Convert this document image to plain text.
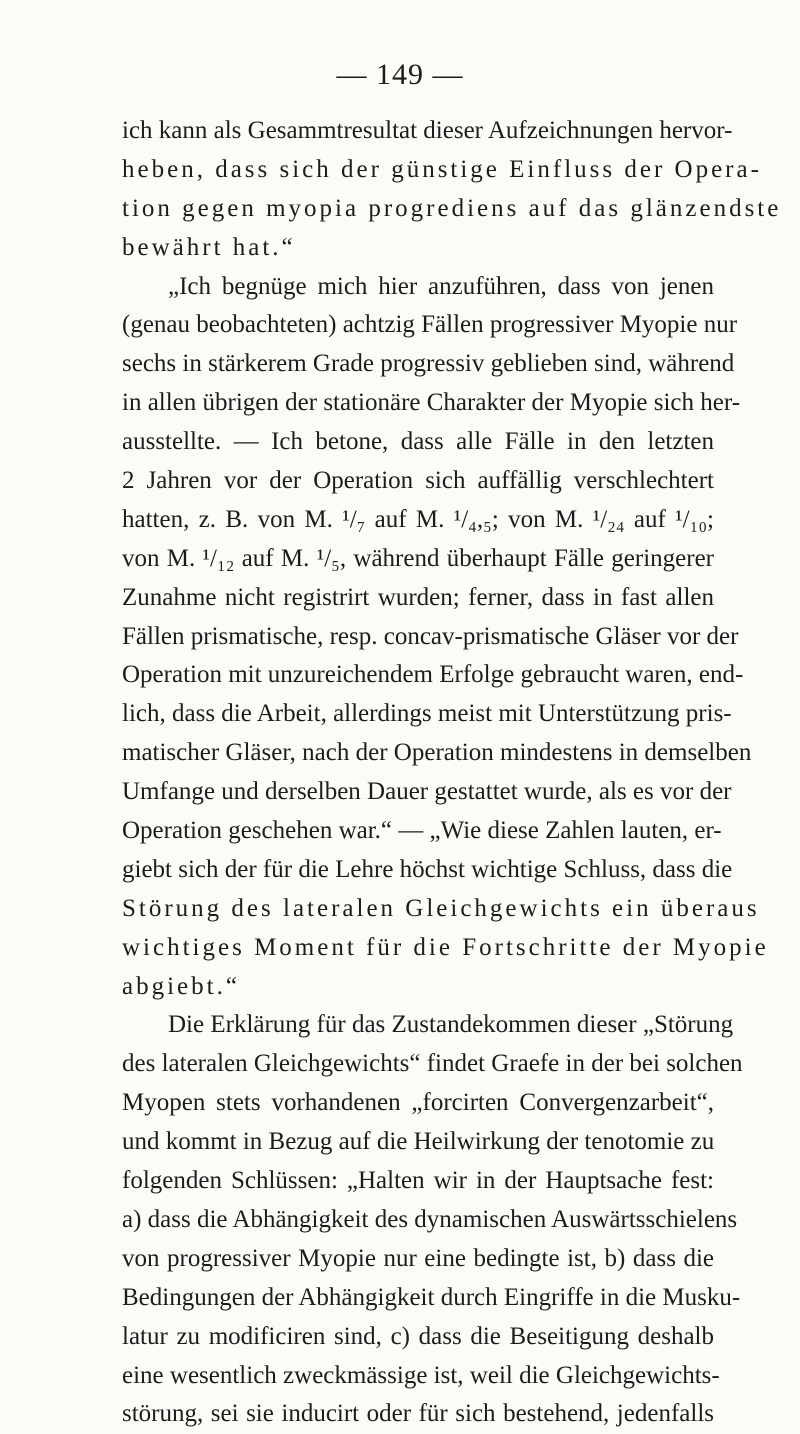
— 149 —
ich kann als Gesammtresultat dieser Aufzeichnungen hervor-
heben, dass sich der günstige Einfluss der Opera-
tion gegen myopia progrediens auf das glänzendste
bewährt hat.“
„Ich begnüge mich hier anzuführen, dass von jenen
(genau beobachteten) achtzig Fällen progressiver Myopie nur
sechs in stärkerem Grade progressiv geblieben sind, während
in allen übrigen der stationäre Charakter der Myopie sich her-
ausstellte. — Ich betone, dass alle Fälle in den letzten
2 Jahren vor der Operation sich auffällig verschlechtert
hatten, z. B. von M. ¹/₇ auf M. ¹/₄,₅; von M. ¹/₂₄ auf ¹/₁₀;
von M. ¹/₁₂ auf M. ¹/₅, während überhaupt Fälle geringerer
Zunahme nicht registrirt wurden; ferner, dass in fast allen
Fällen prismatische, resp. concav-prismatische Gläser vor der
Operation mit unzureichendem Erfolge gebraucht waren, end-
lich, dass die Arbeit, allerdings meist mit Unterstützung pris-
matischer Gläser, nach der Operation mindestens in demselben
Umfange und derselben Dauer gestattet wurde, als es vor der
Operation geschehen war.“ — „Wie diese Zahlen lauten, er-
giebt sich der für die Lehre höchst wichtige Schluss, dass die
Störung des lateralen Gleichgewichts ein überaus
wichtiges Moment für die Fortschritte der Myopie
abgiebt.“
Die Erklärung für das Zustandekommen dieser „Störung
des lateralen Gleichgewichts“ findet Graefe in der bei solchen
Myopen stets vorhandenen „forcirten Convergenzarbeit“,
und kommt in Bezug auf die Heilwirkung der tenotomie zu
folgenden Schlüssen: „Halten wir in der Hauptsache fest:
a) dass die Abhängigkeit des dynamischen Auswärtsschielens
von progressiver Myopie nur eine bedingte ist, b) dass die
Bedingungen der Abhängigkeit durch Eingriffe in die Musku-
latur zu modificiren sind, c) dass die Beseitigung deshalb
eine wesentlich zweckmässige ist, weil die Gleichgewichts-
störung, sei sie inducirt oder für sich bestehend, jedenfalls
